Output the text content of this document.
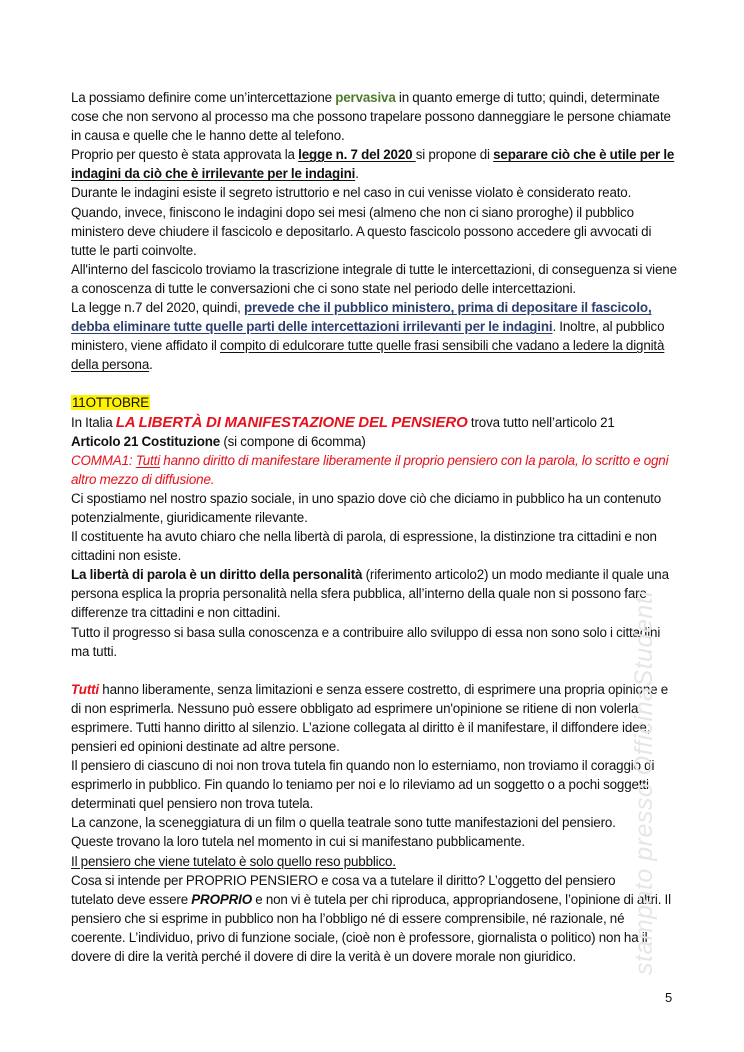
La possiamo definire come un’intercettazione pervasiva in quanto emerge di tutto; quindi, determinate cose che non servono al processo ma che possono trapelare possono danneggiare le persone chiamate in causa e quelle che le hanno dette al telefono.

Proprio per questo è stata approvata la legge n. 7 del 2020 si propone di separare ciò che è utile per le indagini da ciò che è irrilevante per le indagini.

Durante le indagini esiste il segreto istruttorio e nel caso in cui venisse violato è considerato reato.

Quando, invece, finiscono le indagini dopo sei mesi (almeno che non ci siano proroghe) il pubblico ministero deve chiudere il fascicolo e depositarlo. A questo fascicolo possono accedere gli avvocati di tutte le parti coinvolte.

All'interno del fascicolo troviamo la trascrizione integrale di tutte le intercettazioni, di conseguenza si viene a conoscenza di tutte le conversazioni che ci sono state nel periodo delle intercettazioni.

La legge n.7 del 2020, quindi, prevede che il pubblico ministero, prima di depositare il fascicolo, debba eliminare tutte quelle parti delle intercettazioni irrilevanti per le indagini. Inoltre, al pubblico ministero, viene affidato il compito di edulcorare tutte quelle frasi sensibili che vadano a ledere la dignità della persona.

11OTTOBRE

In Italia LA LIBERTÀ DI MANIFESTAZIONE DEL PENSIERO trova tutto nell’articolo 21

Articolo 21 Costituzione (si compone di 6comma)

COMMA1: Tutti hanno diritto di manifestare liberamente il proprio pensiero con la parola, lo scritto e ogni altro mezzo di diffusione.

Ci spostiamo nel nostro spazio sociale, in uno spazio dove ciò che diciamo in pubblico ha un contenuto potenzialmente, giuridicamente rilevante.

Il costituente ha avuto chiaro che nella libertà di parola, di espressione, la distinzione tra cittadini e non cittadini non esiste.

La libertà di parola è un diritto della personalità (riferimento articolo2) un modo mediante il quale una persona esplica la propria personalità nella sfera pubblica, all’interno della quale non si possono fare differenze tra cittadini e non cittadini.

Tutto il progresso si basa sulla conoscenza e a contribuire allo sviluppo di essa non sono solo i cittadini ma tutti.

Tutti hanno liberamente, senza limitazioni e senza essere costretto, di esprimere una propria opinione e di non esprimerla. Nessuno può essere obbligato ad esprimere un'opinione se ritiene di non volerla esprimere. Tutti hanno diritto al silenzio. L’azione collegata al diritto è il manifestare, il diffondere idee, pensieri ed opinioni destinate ad altre persone.

Il pensiero di ciascuno di noi non trova tutela fin quando non lo esterniamo, non troviamo il coraggio di esprimerlo in pubblico. Fin quando lo teniamo per noi e lo rileviamo ad un soggetto o a pochi soggetti determinati quel pensiero non trova tutela.

La canzone, la sceneggiatura di un film o quella teatrale sono tutte manifestazioni del pensiero.

Queste trovano la loro tutela nel momento in cui si manifestano pubblicamente.

Il pensiero che viene tutelato è solo quello reso pubblico.

Cosa si intende per PROPRIO PENSIERO e cosa va a tutelare il diritto? L’oggetto del pensiero

tutelato deve essere PROPRIO e non vi è tutela per chi riproduca, appropriandosene, l’opinione di altri. Il pensiero che si esprime in pubblico non ha l’obbligo né di essere comprensibile, né razionale, né coerente. L’individuo, privo di funzione sociale, (cioè non è professore, giornalista o politico) non ha il dovere di dire la verità perché il dovere di dire la verità è un dovere morale non giuridico.	stampato presso OfficinaStudenti
5
